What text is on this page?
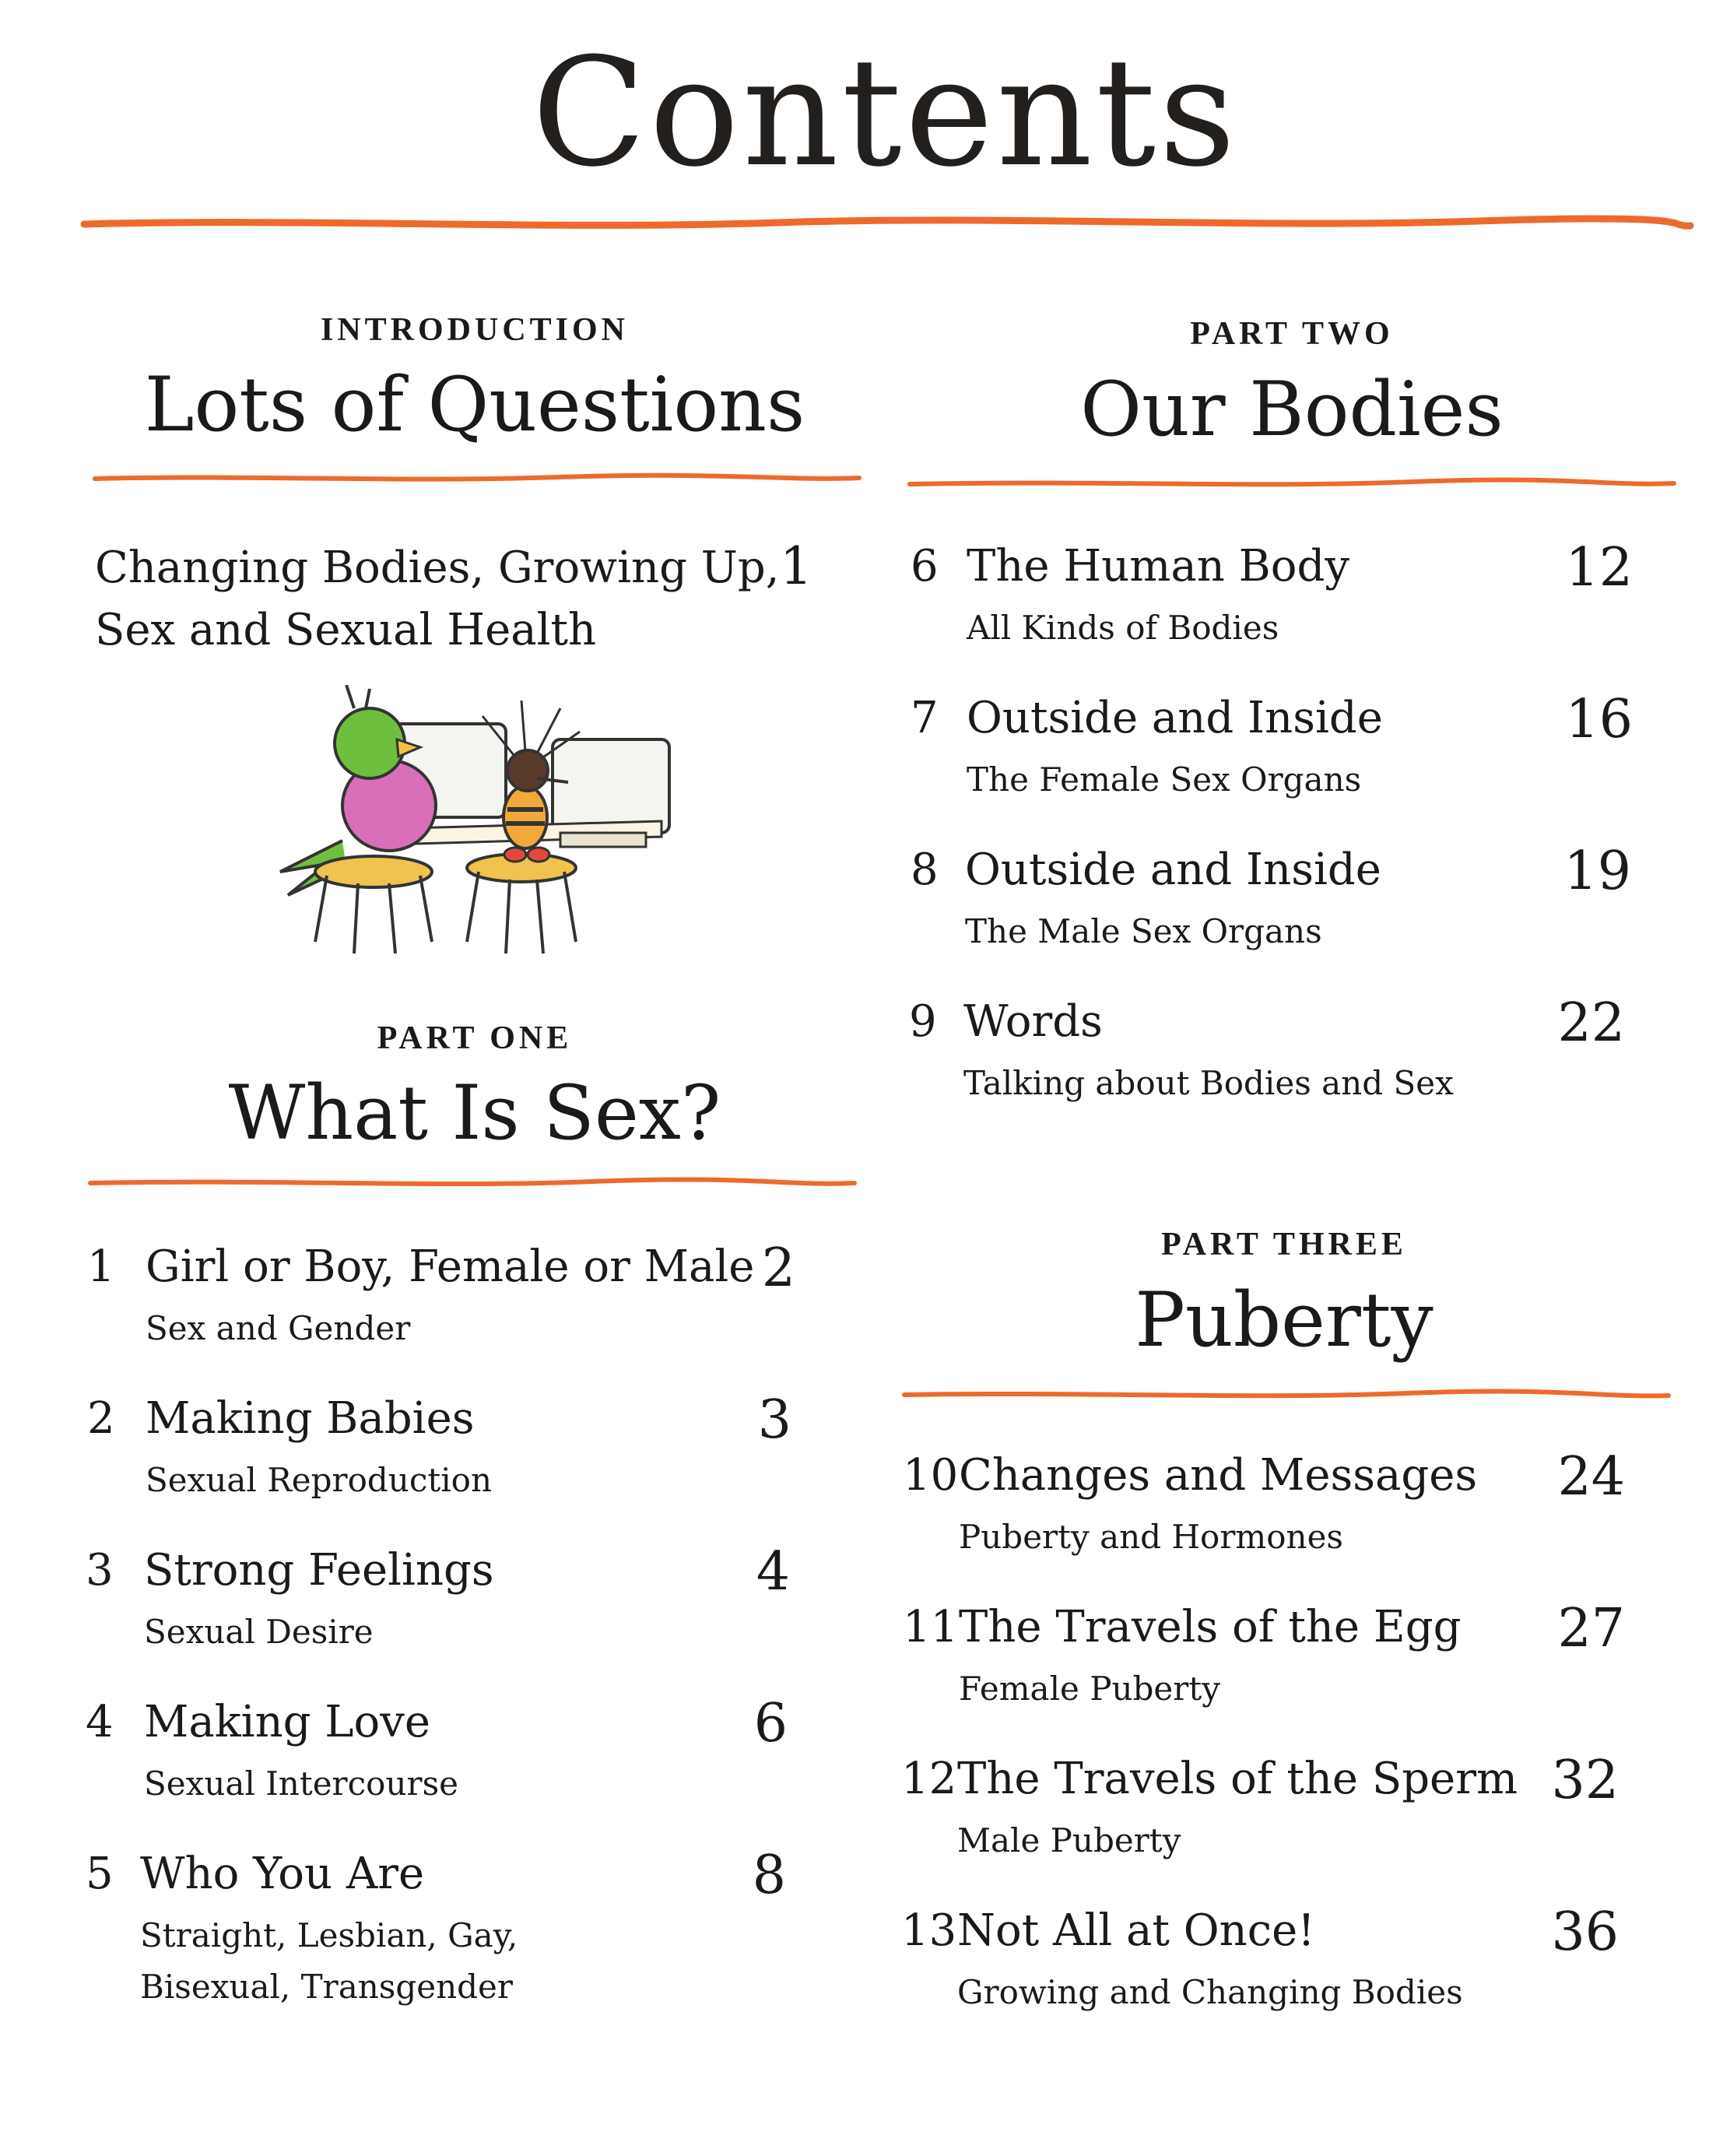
Contents
INTRODUCTION
Lots of Questions
Changing Bodies, Growing Up,
Sex and Sexual Health
1
PART ONE
What Is Sex?
1 Girl or Boy, Female or Male
Sex and Gender
2
2 Making Babies
Sexual Reproduction
3
3 Strong Feelings
Sexual Desire
4
4 Making Love
Sexual Intercourse
6
5 Who You Are
Straight, Lesbian, Gay,
Bisexual, Transgender
8
PART TWO
Our Bodies
6 The Human Body
All Kinds of Bodies
12
7 Outside and Inside
The Female Sex Organs
16
8 Outside and Inside
The Male Sex Organs
19
9 Words
Talking about Bodies and Sex
22
PART THREE
Puberty
10 Changes and Messages
Puberty and Hormones
24
11 The Travels of the Egg
Female Puberty
27
12 The Travels of the Sperm
Male Puberty
32
13 Not All at Once!
Growing and Changing Bodies
36
